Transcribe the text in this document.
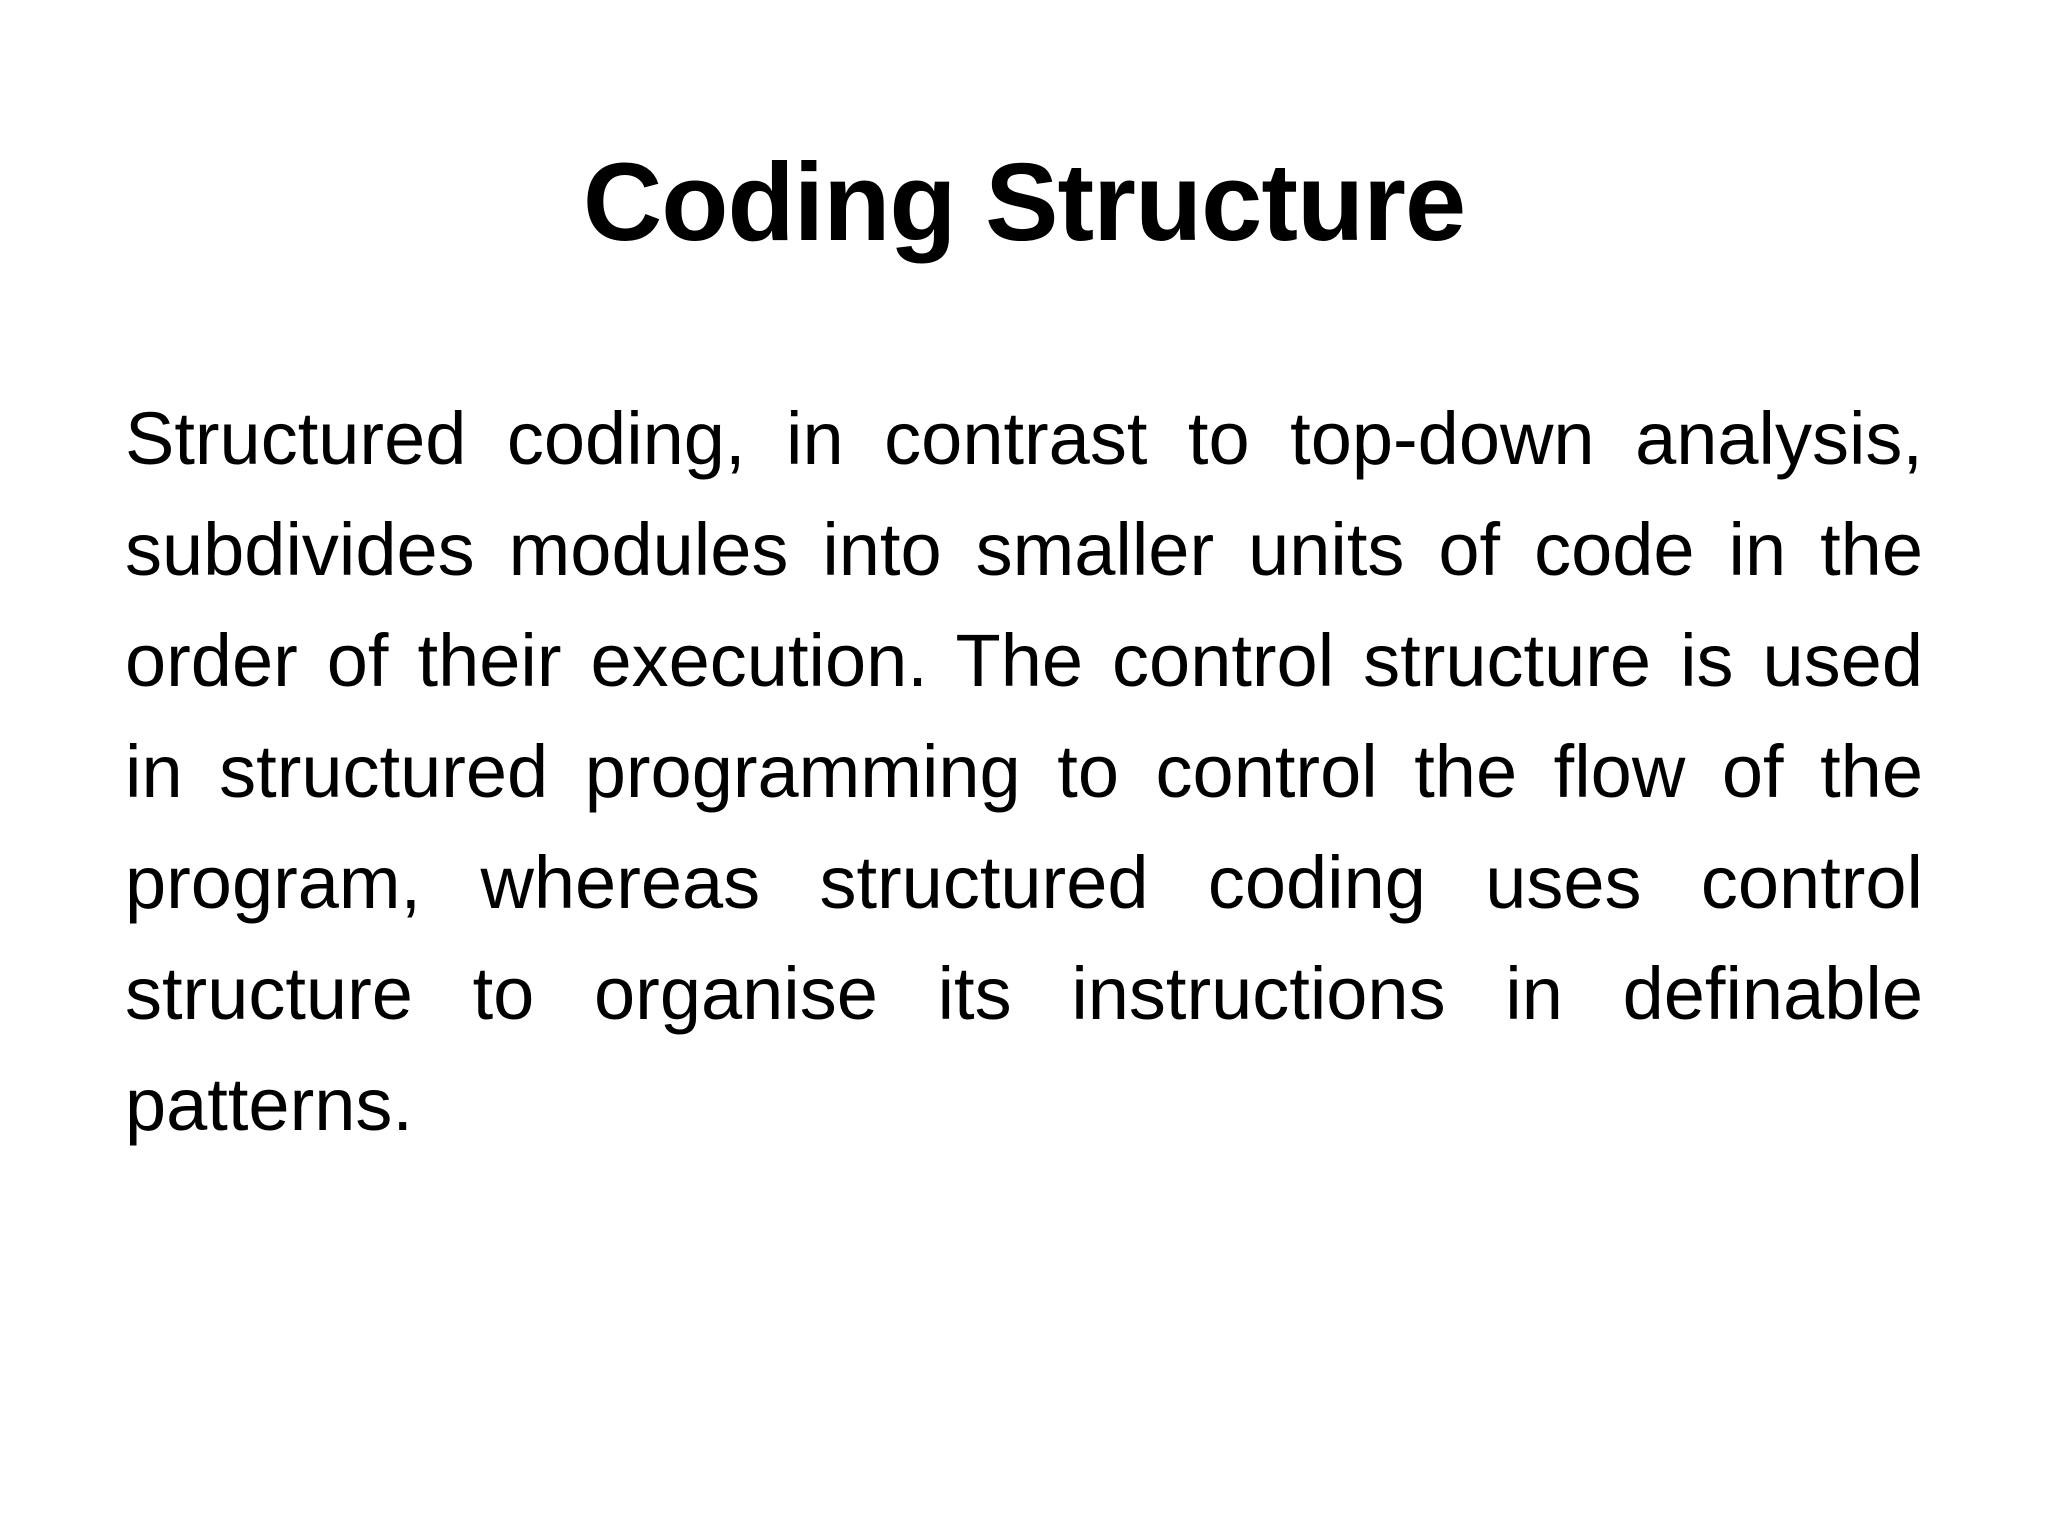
Coding Structure

Structured coding, in contrast to top-down analysis, subdivides modules into smaller units of code in the order of their execution. The control structure is used in structured programming to control the flow of the program, whereas structured coding uses control structure to organise its instructions in definable patterns.
